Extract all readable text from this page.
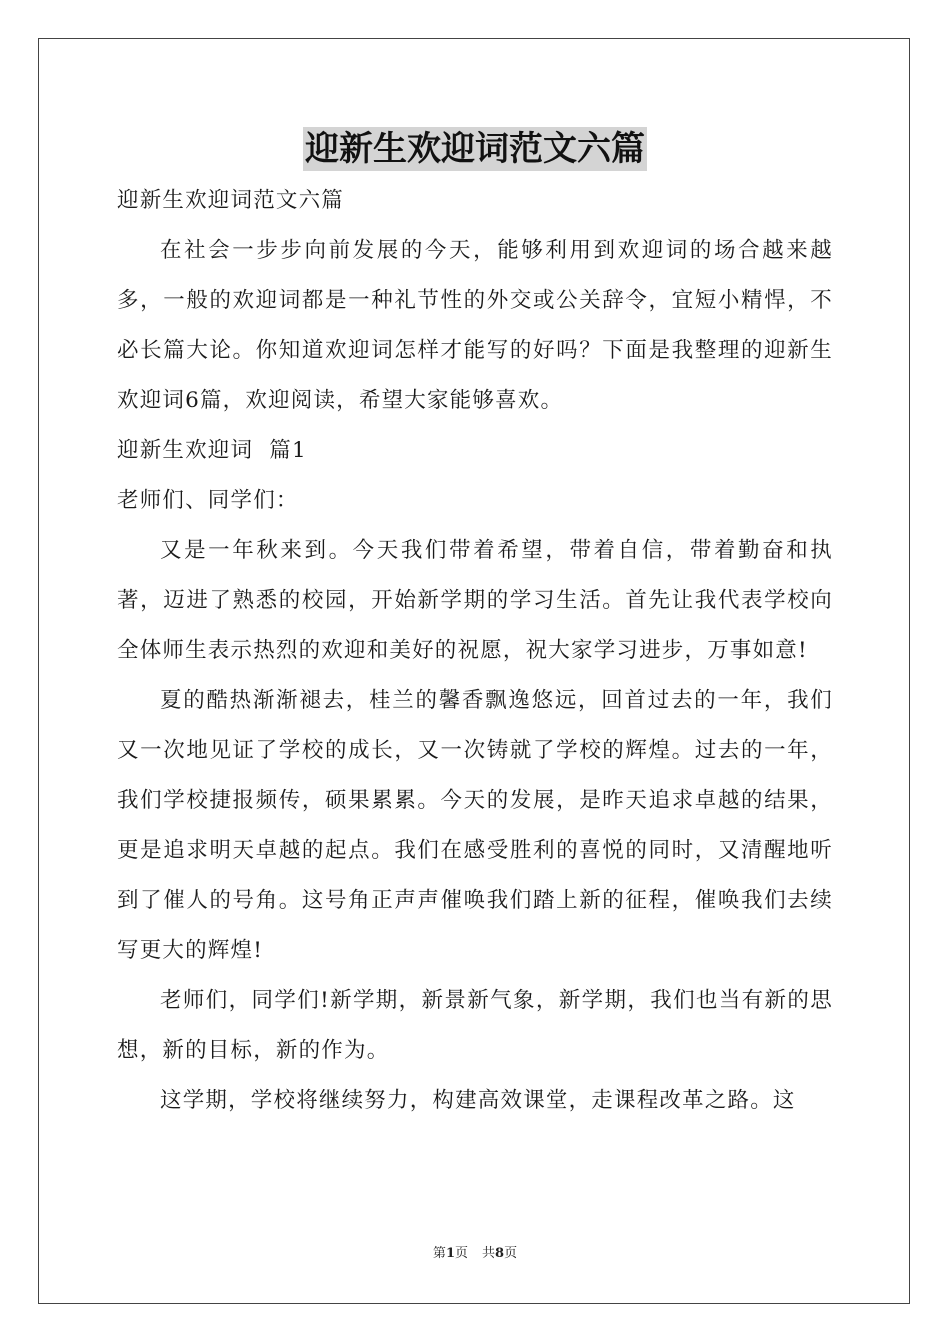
迎新生欢迎词范文六篇

迎新生欢迎词范文六篇

在社会一步步向前发展的今天，能够利用到欢迎词的场合越来越多，一般的欢迎词都是一种礼节性的外交或公关辞令，宜短小精悍，不必长篇大论。你知道欢迎词怎样才能写的好吗？下面是我整理的迎新生欢迎词6篇，欢迎阅读，希望大家能够喜欢。

迎新生欢迎词  篇1

老师们、同学们：

又是一年秋来到。今天我们带着希望，带着自信，带着勤奋和执著，迈进了熟悉的校园，开始新学期的学习生活。首先让我代表学校向全体师生表示热烈的欢迎和美好的祝愿，祝大家学习进步，万事如意!

夏的酷热渐渐褪去，桂兰的馨香飘逸悠远，回首过去的一年，我们又一次地见证了学校的成长，又一次铸就了学校的辉煌。过去的一年，我们学校捷报频传，硕果累累。今天的发展，是昨天追求卓越的结果，更是追求明天卓越的起点。我们在感受胜利的喜悦的同时，又清醒地听到了催人的号角。这号角正声声催唤我们踏上新的征程，催唤我们去续写更大的辉煌!

老师们，同学们!新学期，新景新气象，新学期，我们也当有新的思想，新的目标，新的作为。

这学期，学校将继续努力，构建高效课堂，走课程改革之路。这

第1页 共8页
